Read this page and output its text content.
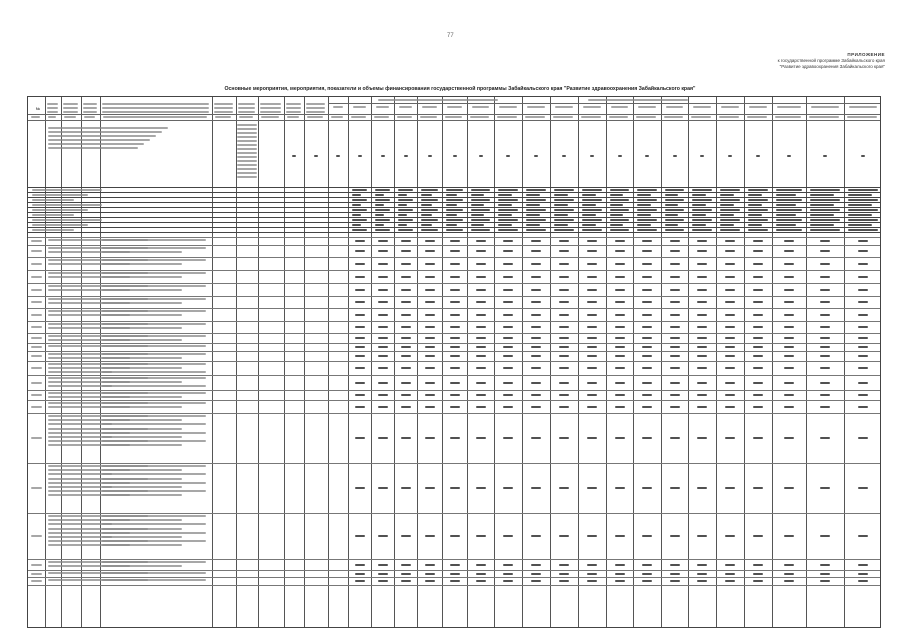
77
ПРИЛОЖЕНИЕ
к государственной программе Забайкальского края
"Развитие здравоохранения Забайкальского края"
Основные мероприятия, мероприятия, показатели и объемы финансирования государственной программы Забайкальского края "Развитие здравоохранения Забайкальского края"
№
